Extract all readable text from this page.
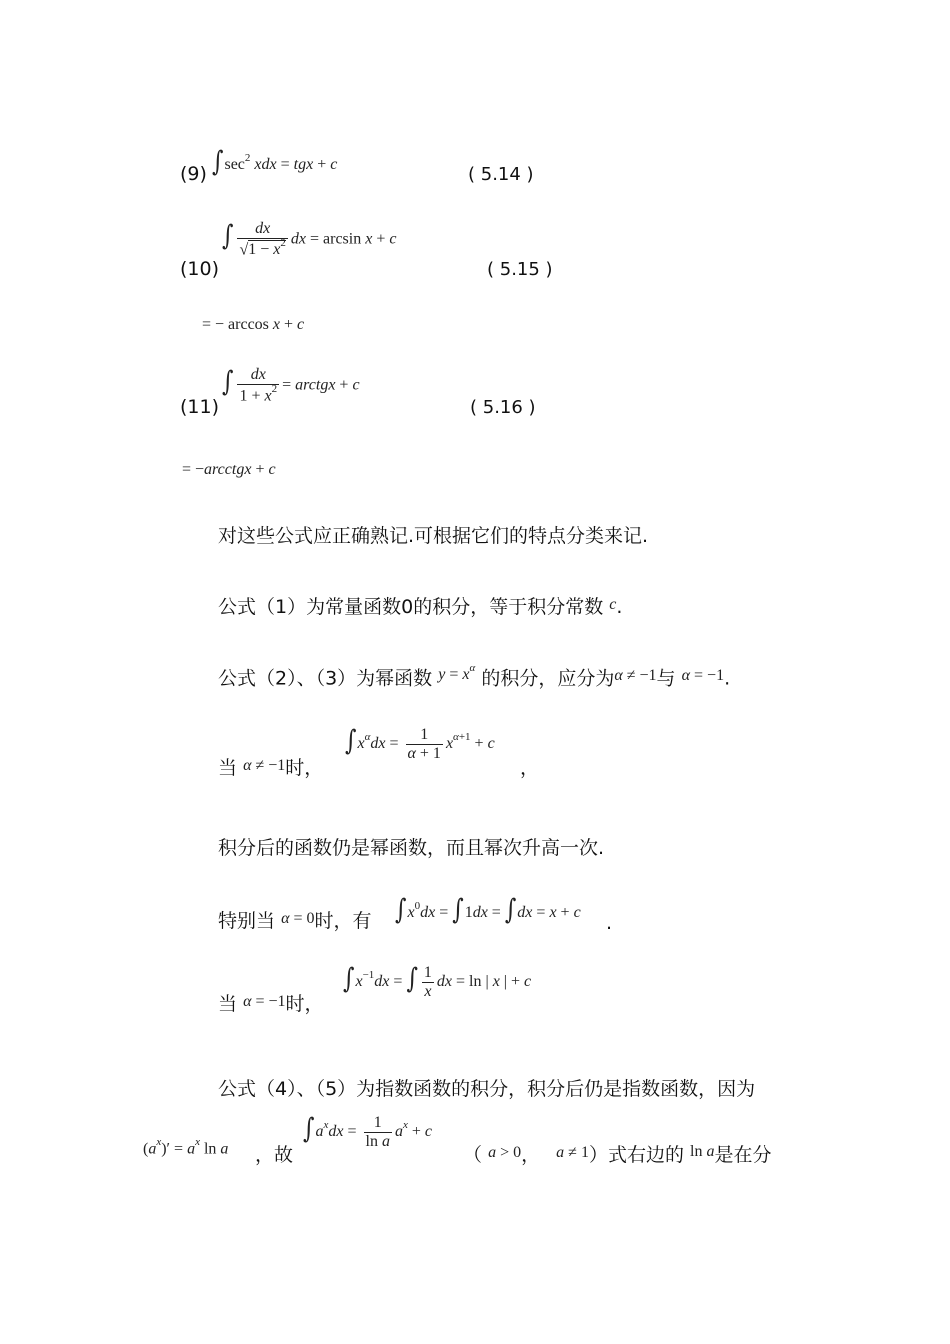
(9) $\int\sec^2$ xdx = tgx + c	( 5.14 )
(10)
∫ $\frac{dx}{√1 - x^2}$ dx = arcsin x + c
( 5.15 )
= − arccos x + c
(11)
∫ $\frac{dx}{1 + x^2}$ = arctgx + c
( 5.16 )
= −arcctgx + c
对这些公式应正确熟记.可根据它们的特点分类来记.
公式（1）为常量函数0的积分，等于积分常数 $^c$.
公式（2）、（3）为幂函数 $^{y = x^\alpha}$ 的积分，应分为$^{\alpha \ne -1}$与 $^{\alpha = -1}$.
当 $^{\alpha \ne -1}$时，
$\int x^\alpha dx = \frac{1}{\alpha + 1} x^{\alpha+1} + c$
，
积分后的函数仍是幂函数，而且幂次升高一次.
特别当 $^{\alpha = 0}$时，有 $\int x^0dx = \int 1dx = \int dx = x + c$ .
当 $^{\alpha = -1}$时，
$\int x^{-1}dx$ = ∫ $\frac{1}{x}$ dx = ln | x | + c
公式（4）、（5）为指数函数的积分，积分后仍是指数函数，因为
$(a^x)' = a^x$ ln a ，故
$\int a^xdx = \frac{1}{\text{ln a}} a^x + c$
（ $^{a > 0}$， $^{a \ne 1}$）式右边的 $^{ln a}$是在分
